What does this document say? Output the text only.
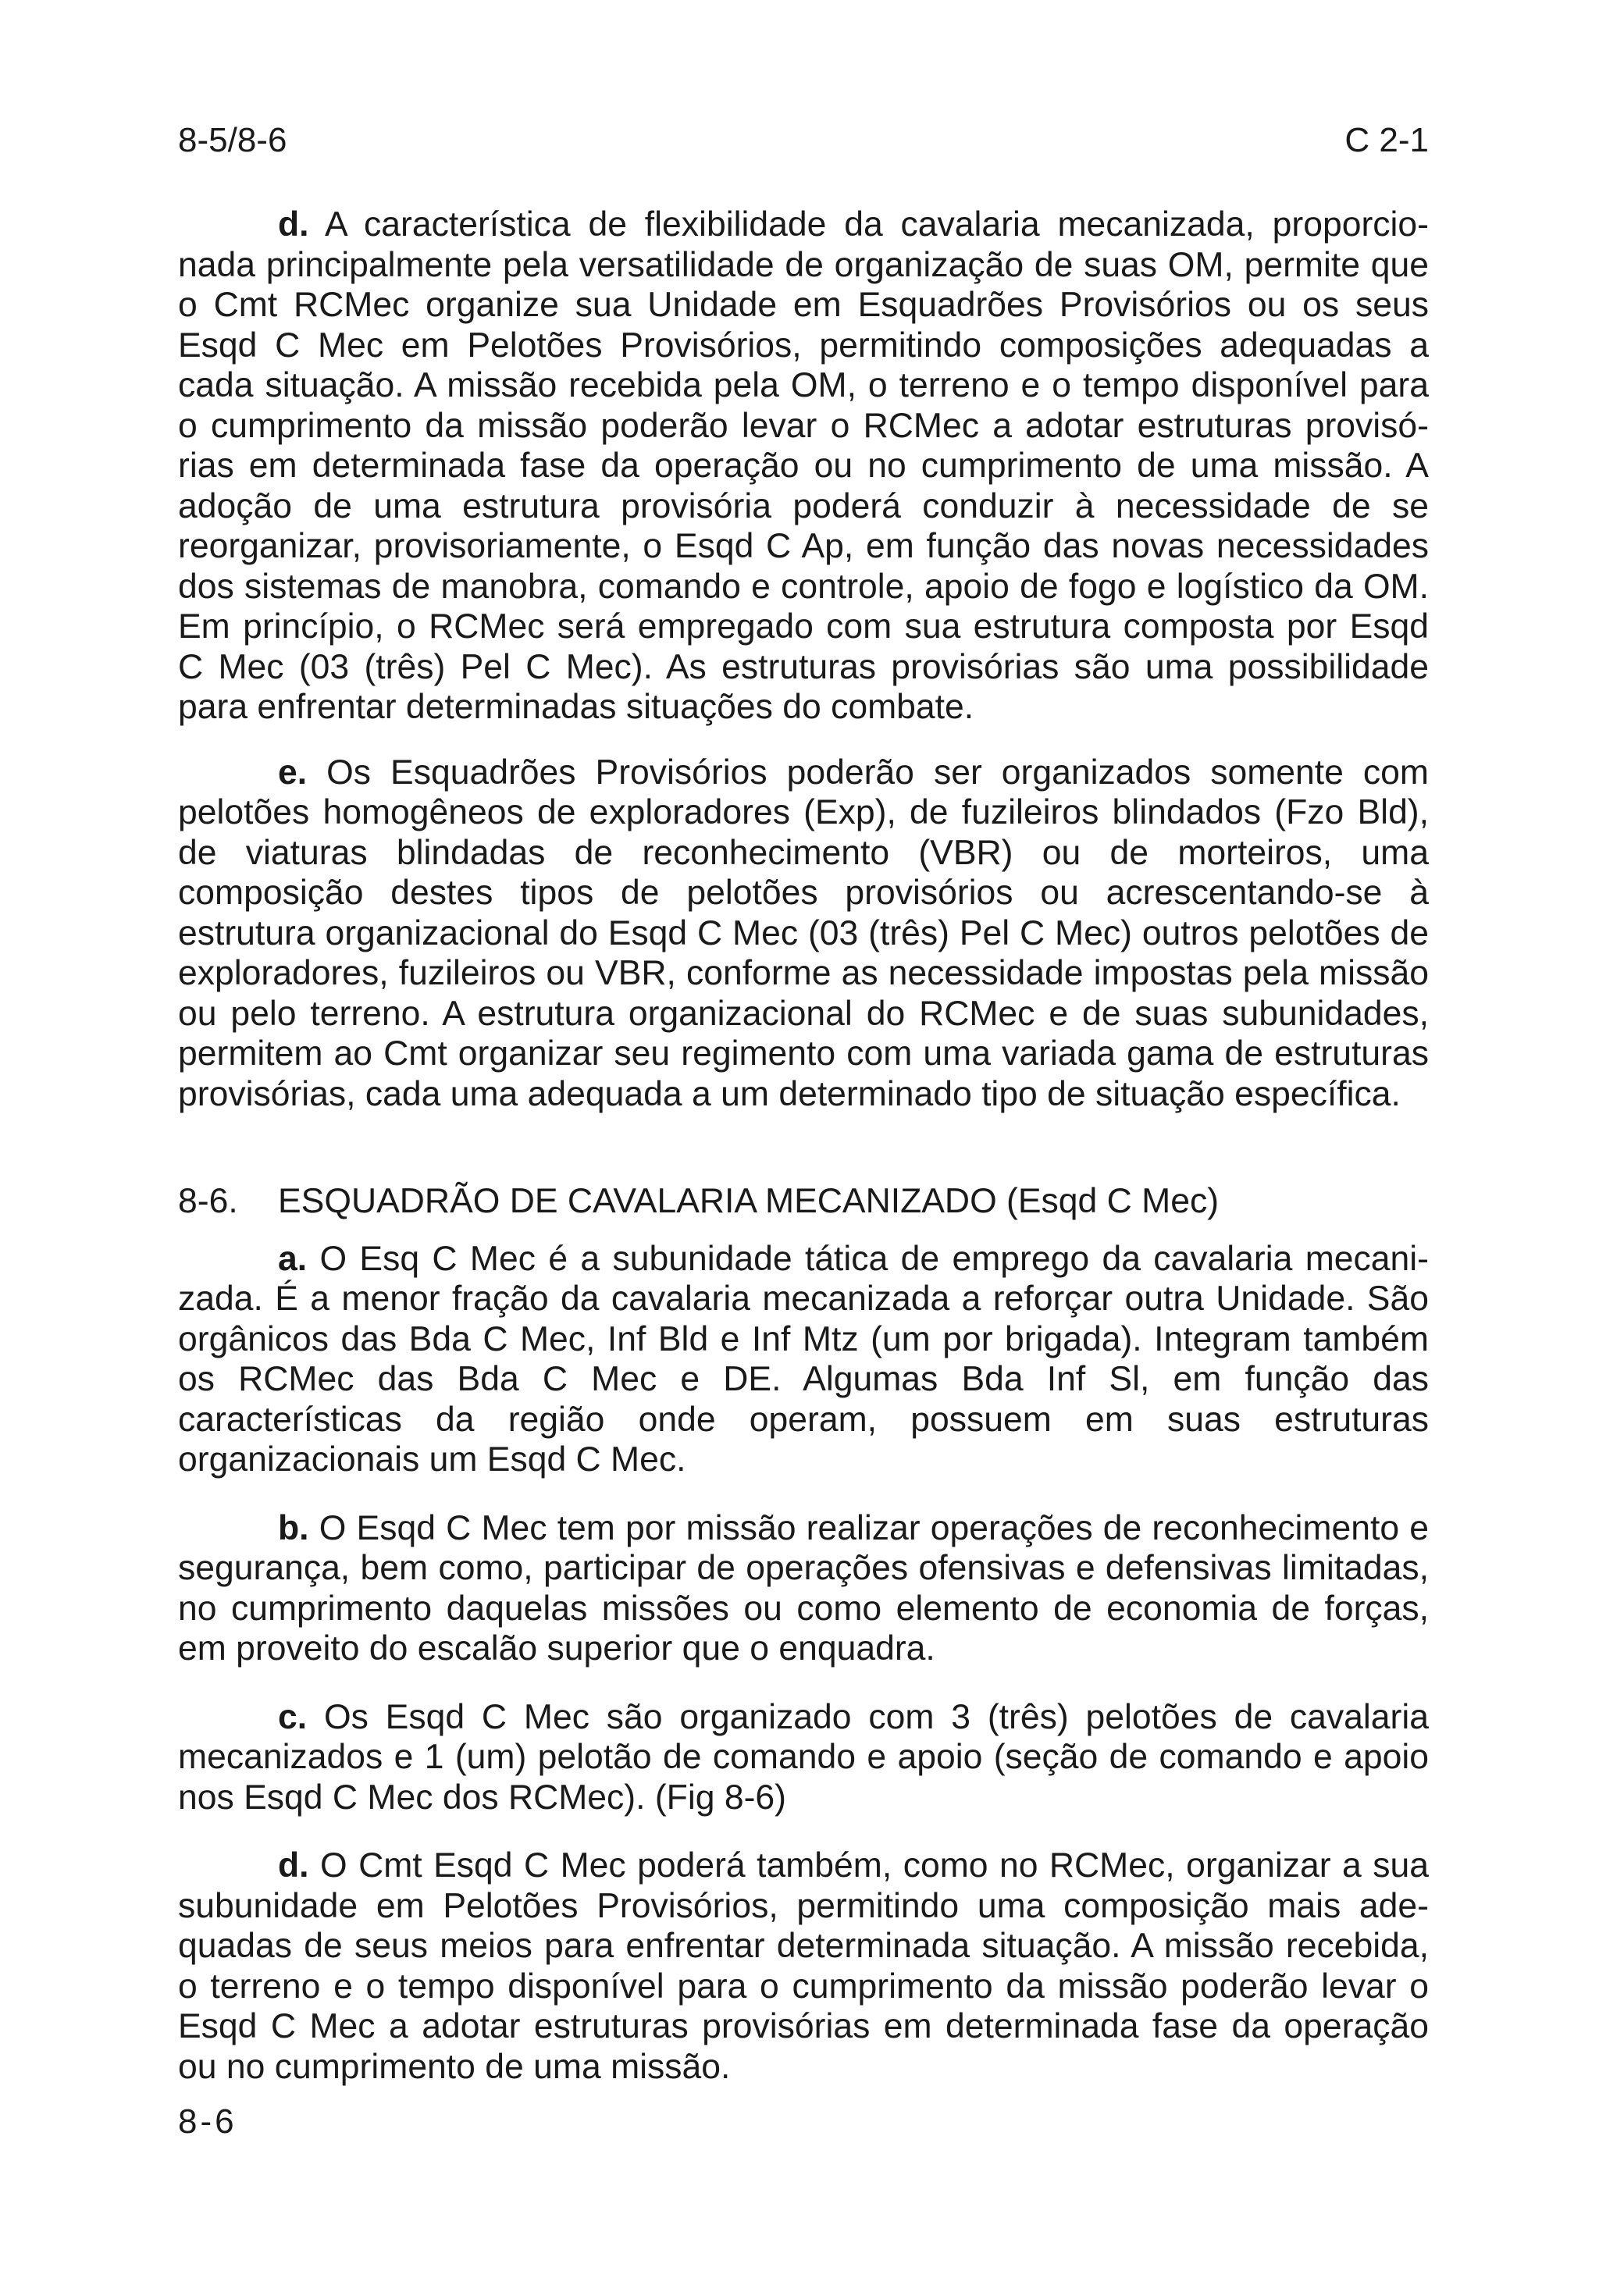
8-5/8-6	C 2-1

d. A característica de flexibilidade da cavalaria mecanizada, proporcionada principalmente pela versatilidade de organização de suas OM, permite que o Cmt RCMec organize sua Unidade em Esquadrões Provisórios ou os seus Esqd C Mec em Pelotões Provisórios, permitindo composições adequadas a cada situação. A missão recebida pela OM, o terreno e o tempo disponível para o cumprimento da missão poderão levar o RCMec a adotar estruturas provisórias em determinada fase da operação ou no cumprimento de uma missão. A adoção de uma estrutura provisória poderá conduzir à necessidade de se reorganizar, provisoriamente, o Esqd C Ap, em função das novas necessidades dos sistemas de manobra, comando e controle, apoio de fogo e logístico da OM. Em princípio, o RCMec será empregado com sua estrutura composta por Esqd C Mec (03 (três) Pel C Mec). As estruturas provisórias são uma possibilidade para enfrentar determinadas situações do combate.

e. Os Esquadrões Provisórios poderão ser organizados somente com pelotões homogêneos de exploradores (Exp), de fuzileiros blindados (Fzo Bld), de viaturas blindadas de reconhecimento (VBR) ou de morteiros, uma composição destes tipos de pelotões provisórios ou acrescentando-se à estrutura organizacional do Esqd C Mec (03 (três) Pel C Mec) outros pelotões de exploradores, fuzileiros ou VBR, conforme as necessidade impostas pela missão ou pelo terreno. A estrutura organizacional do RCMec e de suas subunidades, permitem ao Cmt organizar seu regimento com uma variada gama de estruturas provisórias, cada uma adequada a um determinado tipo de situação específica.

8-6. ESQUADRÃO DE CAVALARIA MECANIZADO (Esqd C Mec)

a. O Esq C Mec é a subunidade tática de emprego da cavalaria mecanizada. É a menor fração da cavalaria mecanizada a reforçar outra Unidade. São orgânicos das Bda C Mec, Inf Bld e Inf Mtz (um por brigada). Integram também os RCMec das Bda C Mec e DE. Algumas Bda Inf Sl, em função das características da região onde operam, possuem em suas estruturas organizacionais um Esqd C Mec.

b. O Esqd C Mec tem por missão realizar operações de reconhecimento e segurança, bem como, participar de operações ofensivas e defensivas limitadas, no cumprimento daquelas missões ou como elemento de economia de forças, em proveito do escalão superior que o enquadra.

c. Os Esqd C Mec são organizado com 3 (três) pelotões de cavalaria mecanizados e 1 (um) pelotão de comando e apoio (seção de comando e apoio nos Esqd C Mec dos RCMec). (Fig 8-6)

d. O Cmt Esqd C Mec poderá também, como no RCMec, organizar a sua subunidade em Pelotões Provisórios, permitindo uma composição mais adequadas de seus meios para enfrentar determinada situação. A missão recebida, o terreno e o tempo disponível para o cumprimento da missão poderão levar o Esqd C Mec a adotar estruturas provisórias em determinada fase da operação ou no cumprimento de uma missão.

8-6
